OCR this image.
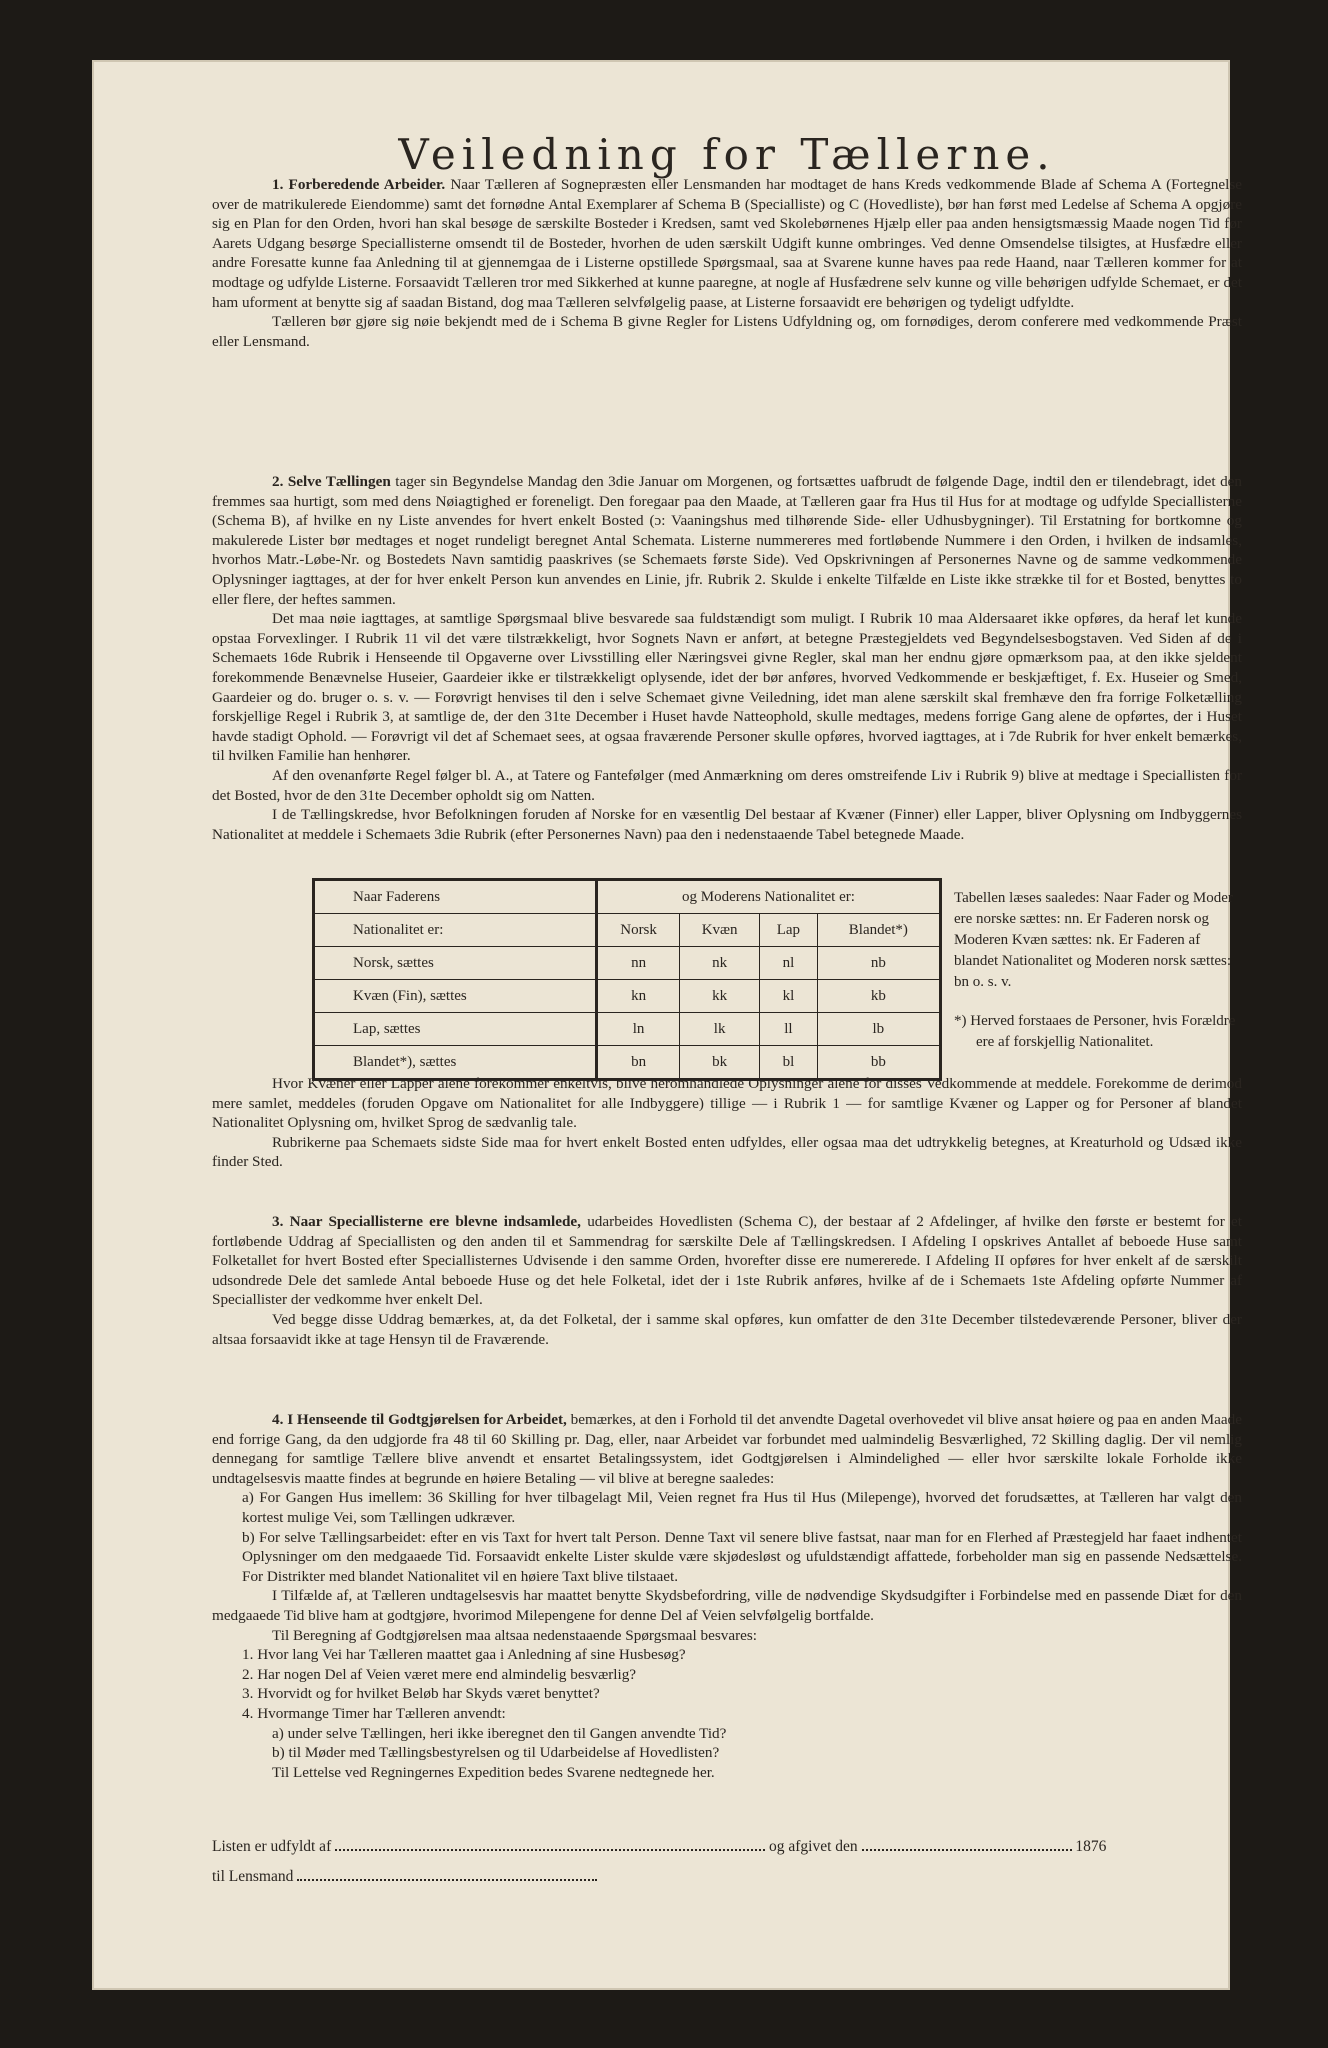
Veiledning for Tællerne.

1. Forberedende Arbeider. Naar Tælleren af Sognepræsten eller Lensmanden har modtaget de hans Kreds vedkommende Blade af Schema A (Fortegnelse over de matrikulerede Eiendomme) samt det fornødne Antal Exemplarer af Schema B (Specialliste) og C (Hovedliste), bør han først med Ledelse af Schema A opgjøre sig en Plan for den Orden, hvori han skal besøge de særskilte Bosteder i Kredsen, samt ved Skolebørnenes Hjælp eller paa anden hensigtsmæssig Maade nogen Tid før Aarets Udgang besørge Speciallisterne omsendt til de Bosteder, hvorhen de uden særskilt Udgift kunne ombringes. Ved denne Omsendelse tilsigtes, at Husfædre eller andre Foresatte kunne faa Anledning til at gjennemgaa de i Listerne opstillede Spørgsmaal, saa at Svarene kunne haves paa rede Haand, naar Tælleren kommer for at modtage og udfylde Listerne. Forsaavidt Tælleren tror med Sikkerhed at kunne paaregne, at nogle af Husfædrene selv kunne og ville behørigen udfylde Schemaet, er det ham uforment at benytte sig af saadan Bistand, dog maa Tælleren selvfølgelig paase, at Listerne forsaavidt ere behørigen og tydeligt udfyldte.

Tælleren bør gjøre sig nøie bekjendt med de i Schema B givne Regler for Listens Udfyldning og, om fornødiges, derom conferere med vedkommende Præst eller Lensmand.

2. Selve Tællingen tager sin Begyndelse Mandag den 3die Januar om Morgenen, og fortsættes uafbrudt de følgende Dage, indtil den er tilendebragt, idet den fremmes saa hurtigt, som med dens Nøiagtighed er foreneligt. Den foregaar paa den Maade, at Tælleren gaar fra Hus til Hus for at modtage og udfylde Speciallisterne (Schema B), af hvilke en ny Liste anvendes for hvert enkelt Bosted (ɔ: Vaaningshus med tilhørende Side- eller Udhusbygninger). Til Erstatning for bortkomne og makulerede Lister bør medtages et noget rundeligt beregnet Antal Schemata. Listerne nummereres med fortløbende Nummere i den Orden, i hvilken de indsamles, hvorhos Matr.-Løbe-Nr. og Bostedets Navn samtidig paaskrives (se Schemaets første Side). Ved Opskrivningen af Personernes Navne og de samme vedkommende Oplysninger iagttages, at der for hver enkelt Person kun anvendes en Linie, jfr. Rubrik 2. Skulde i enkelte Tilfælde en Liste ikke strække til for et Bosted, benyttes to eller flere, der heftes sammen.

Det maa nøie iagttages, at samtlige Spørgsmaal blive besvarede saa fuldstændigt som muligt. I Rubrik 10 maa Aldersaaret ikke opføres, da heraf let kunde opstaa Forvexlinger. I Rubrik 11 vil det være tilstrækkeligt, hvor Sognets Navn er anført, at betegne Præstegjeldets ved Begyndelsesbogstaven. Ved Siden af de i Schemaets 16de Rubrik i Henseende til Opgaverne over Livsstilling eller Næringsvei givne Regler, skal man her endnu gjøre opmærksom paa, at den ikke sjeldent forekommende Benævnelse Huseier, Gaardeier ikke er tilstrækkeligt oplysende, idet der bør anføres, hvorved Vedkommende er beskjæftiget, f. Ex. Huseier og Smed, Gaardeier og do. bruger o. s. v. — Forøvrigt henvises til den i selve Schemaet givne Veiledning, idet man alene særskilt skal fremhæve den fra forrige Folketælling forskjellige Regel i Rubrik 3, at samtlige de, der den 31te December i Huset havde Natteophold, skulle medtages, medens forrige Gang alene de opførtes, der i Huset havde stadigt Ophold. — Forøvrigt vil det af Schemaet sees, at ogsaa fraværende Personer skulle opføres, hvorved iagttages, at i 7de Rubrik for hver enkelt bemærkes, til hvilken Familie han henhører.

Af den ovenanførte Regel følger bl. A., at Tatere og Fantefølger (med Anmærkning om deres omstreifende Liv i Rubrik 9) blive at medtage i Speciallisten for det Bosted, hvor de den 31te December opholdt sig om Natten.

I de Tællingskredse, hvor Befolkningen foruden af Norske for en væsentlig Del bestaar af Kvæner (Finner) eller Lapper, bliver Oplysning om Indbyggernes Nationalitet at meddele i Schemaets 3die Rubrik (efter Personernes Navn) paa den i nedenstaaende Tabel betegnede Maade.

Naar Faderens	og Moderens Nationalitet er:			
Nationalitet er:	Norsk	Kvæn	Lap	Blandet*)
Norsk, sættes	nn	nk	nl	nb
Kvæn (Fin), sættes	kn	kk	kl	kb
Lap, sættes	ln	lk	ll	lb
Blandet*), sættes	bn	bk	bl	bb

Tabellen læses saaledes: Naar Fader og Moder ere norske sættes: nn. Er Faderen norsk og Moderen Kvæn sættes: nk. Er Faderen af blandet Nationalitet og Moderen norsk sættes: bn o. s. v.

*) Herved forstaaes de Personer, hvis Forældre ere af forskjellig Nationalitet.

Hvor Kvæner eller Lapper alene forekommer enkeltvis, blive heromhandlede Oplysninger alene for disses Vedkommende at meddele. Forekomme de derimod mere samlet, meddeles (foruden Opgave om Nationalitet for alle Indbyggere) tillige — i Rubrik 1 — for samtlige Kvæner og Lapper og for Personer af blandet Nationalitet Oplysning om, hvilket Sprog de sædvanlig tale.

Rubrikerne paa Schemaets sidste Side maa for hvert enkelt Bosted enten udfyldes, eller ogsaa maa det udtrykkelig betegnes, at Kreaturhold og Udsæd ikke finder Sted.

3. Naar Speciallisterne ere blevne indsamlede, udarbeides Hovedlisten (Schema C), der bestaar af 2 Afdelinger, af hvilke den første er bestemt for et fortløbende Uddrag af Speciallisten og den anden til et Sammendrag for særskilte Dele af Tællingskredsen. I Afdeling I opskrives Antallet af beboede Huse samt Folketallet for hvert Bosted efter Speciallisternes Udvisende i den samme Orden, hvorefter disse ere numererede. I Afdeling II opføres for hver enkelt af de særskilt udsondrede Dele det samlede Antal beboede Huse og det hele Folketal, idet der i 1ste Rubrik anføres, hvilke af de i Schemaets 1ste Afdeling opførte Nummer af Speciallister der vedkomme hver enkelt Del.

Ved begge disse Uddrag bemærkes, at, da det Folketal, der i samme skal opføres, kun omfatter de den 31te December tilstedeværende Personer, bliver der altsaa forsaavidt ikke at tage Hensyn til de Fraværende.

4. I Henseende til Godtgjørelsen for Arbeidet, bemærkes, at den i Forhold til det anvendte Dagetal overhovedet vil blive ansat høiere og paa en anden Maade end forrige Gang, da den udgjorde fra 48 til 60 Skilling pr. Dag, eller, naar Arbeidet var forbundet med ualmindelig Besværlighed, 72 Skilling daglig. Der vil nemlig dennegang for samtlige Tællere blive anvendt et ensartet Betalingssystem, idet Godtgjørelsen i Almindelighed — eller hvor særskilte lokale Forholde ikke undtagelsesvis maatte findes at begrunde en høiere Betaling — vil blive at beregne saaledes:

a) For Gangen Hus imellem: 36 Skilling for hver tilbagelagt Mil, Veien regnet fra Hus til Hus (Milepenge), hvorved det forudsættes, at Tælleren har valgt den kortest mulige Vei, som Tællingen udkræver.

b) For selve Tællingsarbeidet: efter en vis Taxt for hvert talt Person. Denne Taxt vil senere blive fastsat, naar man for en Flerhed af Præstegjeld har faaet indhentet Oplysninger om den medgaaede Tid. Forsaavidt enkelte Lister skulde være skjødesløst og ufuldstændigt affattede, forbeholder man sig en passende Nedsættelse. For Distrikter med blandet Nationalitet vil en høiere Taxt blive tilstaaet.

I Tilfælde af, at Tælleren undtagelsesvis har maattet benytte Skydsbefordring, ville de nødvendige Skydsudgifter i Forbindelse med en passende Diæt for den medgaaede Tid blive ham at godtgjøre, hvorimod Milepengene for denne Del af Veien selvfølgelig bortfalde.

Til Beregning af Godtgjørelsen maa altsaa nedenstaaende Spørgsmaal besvares:

1. Hvor lang Vei har Tælleren maattet gaa i Anledning af sine Husbesøg?

2. Har nogen Del af Veien været mere end almindelig besværlig?

3. Hvorvidt og for hvilket Beløb har Skyds været benyttet?

4. Hvormange Timer har Tælleren anvendt:

a) under selve Tællingen, heri ikke iberegnet den til Gangen anvendte Tid?

b) til Møder med Tællingsbestyrelsen og til Udarbeidelse af Hovedlisten?

Til Lettelse ved Regningernes Expedition bedes Svarene nedtegnede her.

Listen er udfyldt af	og afgivet den	1876
til Lensmand
